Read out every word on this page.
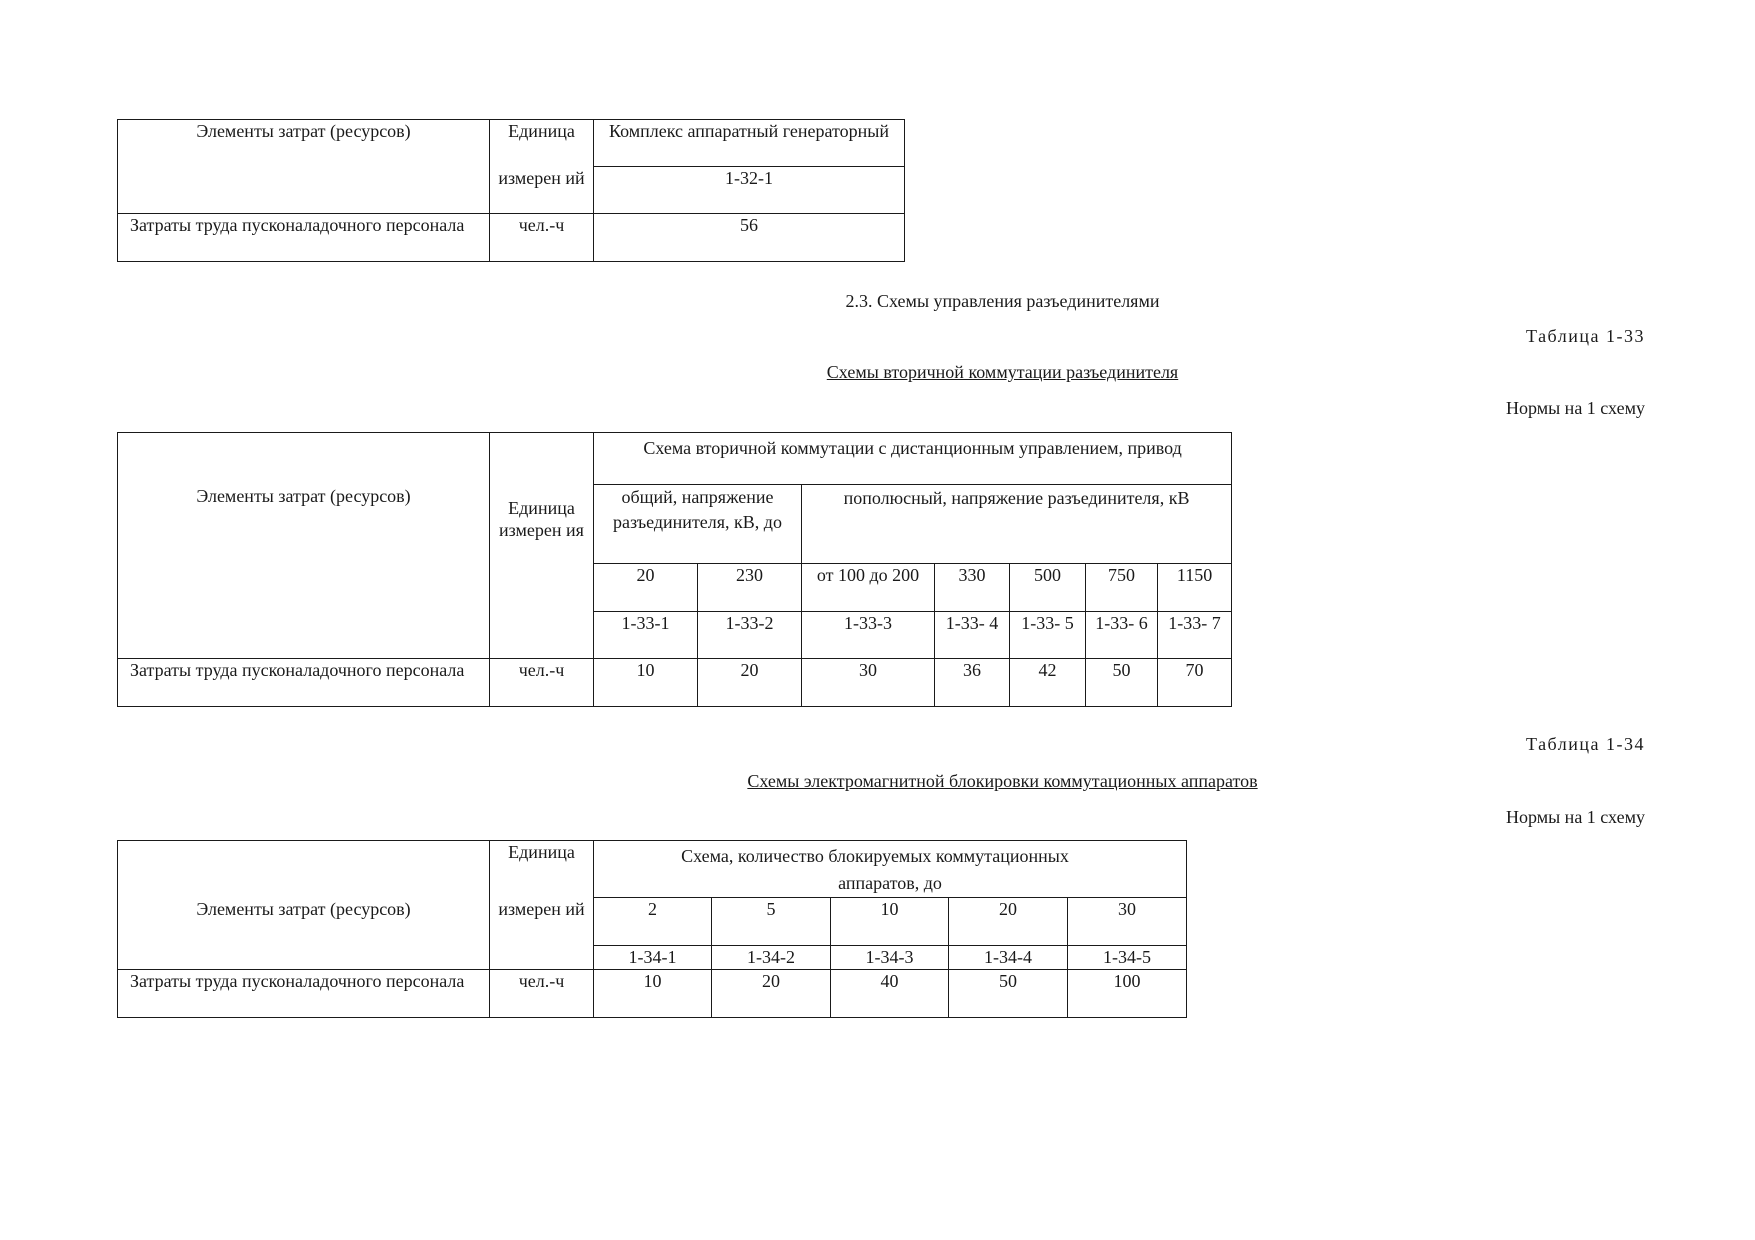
Элементы затрат (ресурсов)	Единица	Комплекс аппаратный генераторный

измерен ий	1-32-1
Затраты труда пусконаладочного персонала	чел.-ч	56
2.3. Схемы управления разъединителями
Таблица 1-33
Схемы вторичной коммутации разъединителя
Нормы на 1 схему
Элементы затрат (ресурсов)	Единица измерен ия	Схема вторичной коммутации с дистанционным управлением, привод						
		общий, напряжение разъединителя, кВ, до		пополюсный, напряжение разъединителя, кВ				
		20	230	от 100 до 200	330	500	750	1150
		1-33-1	1-33-2	1-33-3	1-33- 4	1-33- 5	1-33- 6	1-33- 7
Затраты труда пусконаладочного персонала	чел.-ч	10	20	30	36	42	50	70
Таблица 1-34
Схемы электромагнитной блокировки коммутационных аппаратов
Нормы на 1 схему
	Единица	Схема, количество блокируемых коммутационных
аппаратов, до				

Элементы затрат (ресурсов)	измерен ий	2	5	10	20	30
		1-34-1	1-34-2	1-34-3	1-34-4	1-34-5
Затраты труда пусконаладочного персонала	чел.-ч	10	20	40	50	100
